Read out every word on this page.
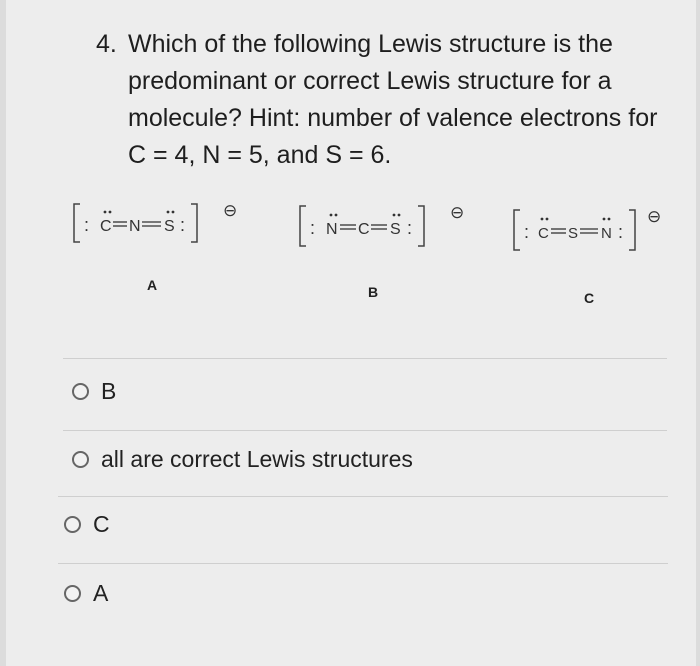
4. Which of the following Lewis structure is the
predominant or correct Lewis structure for a
molecule? Hint: number of valence electrons for
C = 4, N = 5, and S = 6.
: C N S :
⊖
: N C S :
⊖
: C S N :
⊖
A	B	C
B
all are correct Lewis structures
C
A
